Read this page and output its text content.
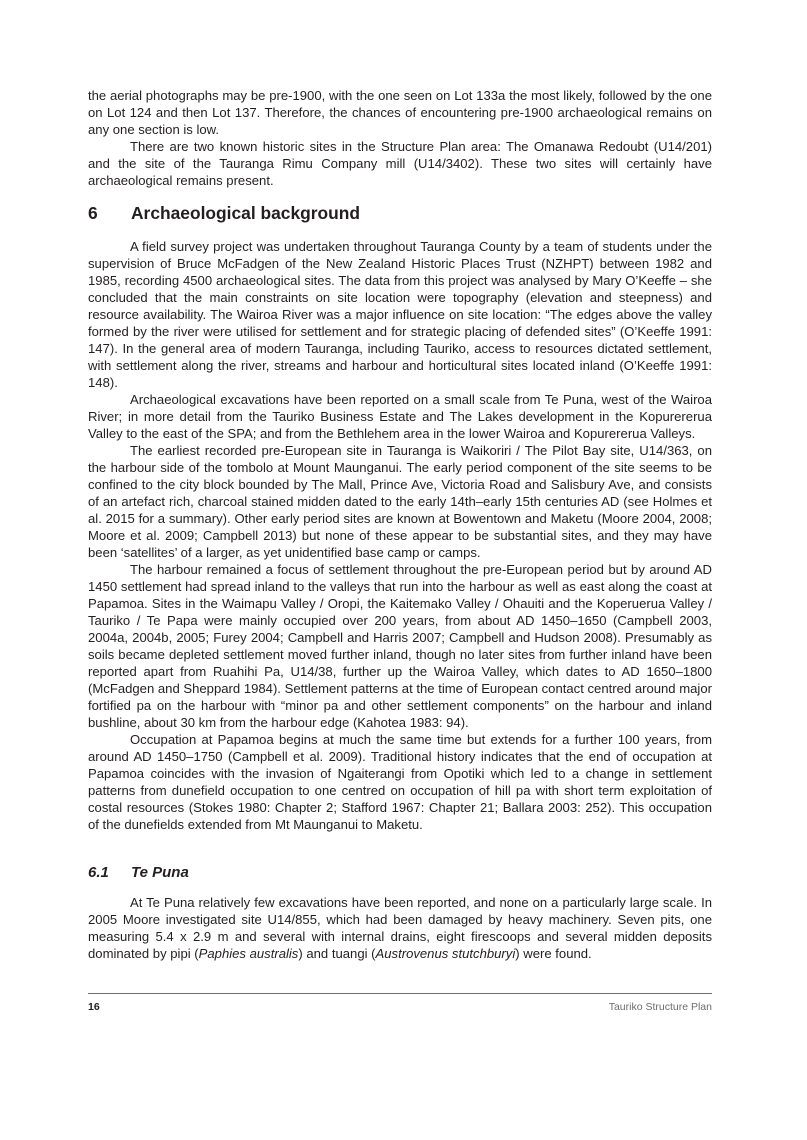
the aerial photographs may be pre-1900, with the one seen on Lot 133a the most likely, followed by the one on Lot 124 and then Lot 137. Therefore, the chances of encountering pre-1900 archaeological remains on any one section is low.

There are two known historic sites in the Structure Plan area: The Omanawa Redoubt (U14/201) and the site of the Tauranga Rimu Company mill (U14/3402). These two sites will certainly have archaeological remains present.

6 Archaeological background

A field survey project was undertaken throughout Tauranga County by a team of students under the supervision of Bruce McFadgen of the New Zealand Historic Places Trust (NZHPT) between 1982 and 1985, recording 4500 archaeological sites. The data from this project was analysed by Mary O’Keeffe – she concluded that the main constraints on site location were topography (elevation and steepness) and resource availability. The Wairoa River was a major influence on site location: “The edges above the valley formed by the river were utilised for settlement and for strategic placing of defended sites” (O’Keeffe 1991: 147). In the general area of modern Tauranga, including Tauriko, access to resources dictated settlement, with settlement along the river, streams and harbour and horticultural sites located inland (O’Keeffe 1991: 148).

Archaeological excavations have been reported on a small scale from Te Puna, west of the Wairoa River; in more detail from the Tauriko Business Estate and The Lakes development in the Kopurererua Valley to the east of the SPA; and from the Bethlehem area in the lower Wairoa and Kopurererua Valleys.

The earliest recorded pre-European site in Tauranga is Waikoriri / The Pilot Bay site, U14/363, on the harbour side of the tombolo at Mount Maunganui. The early period component of the site seems to be confined to the city block bounded by The Mall, Prince Ave, Victoria Road and Salisbury Ave, and consists of an artefact rich, charcoal stained midden dated to the early 14th–early 15th centuries AD (see Holmes et al. 2015 for a summary). Other early period sites are known at Bowentown and Maketu (Moore 2004, 2008; Moore et al. 2009; Campbell 2013) but none of these appear to be substantial sites, and they may have been ‘satellites’ of a larger, as yet unidentified base camp or camps.

The harbour remained a focus of settlement throughout the pre-European period but by around AD 1450 settlement had spread inland to the valleys that run into the harbour as well as east along the coast at Papamoa. Sites in the Waimapu Valley / Oropi, the Kaitemako Valley / Ohauiti and the Koperuerua Valley / Tauriko / Te Papa were mainly occupied over 200 years, from about AD 1450–1650 (Campbell 2003, 2004a, 2004b, 2005; Furey 2004; Campbell and Harris 2007; Campbell and Hudson 2008). Presumably as soils became depleted settlement moved further inland, though no later sites from further inland have been reported apart from Ruahihi Pa, U14/38, further up the Wairoa Valley, which dates to AD 1650–1800 (McFadgen and Sheppard 1984). Settlement patterns at the time of European contact centred around major fortified pa on the harbour with “minor pa and other settlement components” on the harbour and inland bushline, about 30 km from the harbour edge (Kahotea 1983: 94).

Occupation at Papamoa begins at much the same time but extends for a further 100 years, from around AD 1450–1750 (Campbell et al. 2009). Traditional history indicates that the end of occupation at Papamoa coincides with the invasion of Ngaiterangi from Opotiki which led to a change in settlement patterns from dunefield occupation to one centred on occupation of hill pa with short term exploitation of costal resources (Stokes 1980: Chapter 2; Stafford 1967: Chapter 21; Ballara 2003: 252). This occupation of the dunefields extended from Mt Maunganui to Maketu.

6.1 Te Puna

At Te Puna relatively few excavations have been reported, and none on a particularly large scale. In 2005 Moore investigated site U14/855, which had been damaged by heavy machinery. Seven pits, one measuring 5.4 x 2.9 m and several with internal drains, eight firescoops and several midden deposits dominated by pipi (Paphies australis) and tuangi (Austrovenus stutchburyi) were found.

16	Tauriko Structure Plan
